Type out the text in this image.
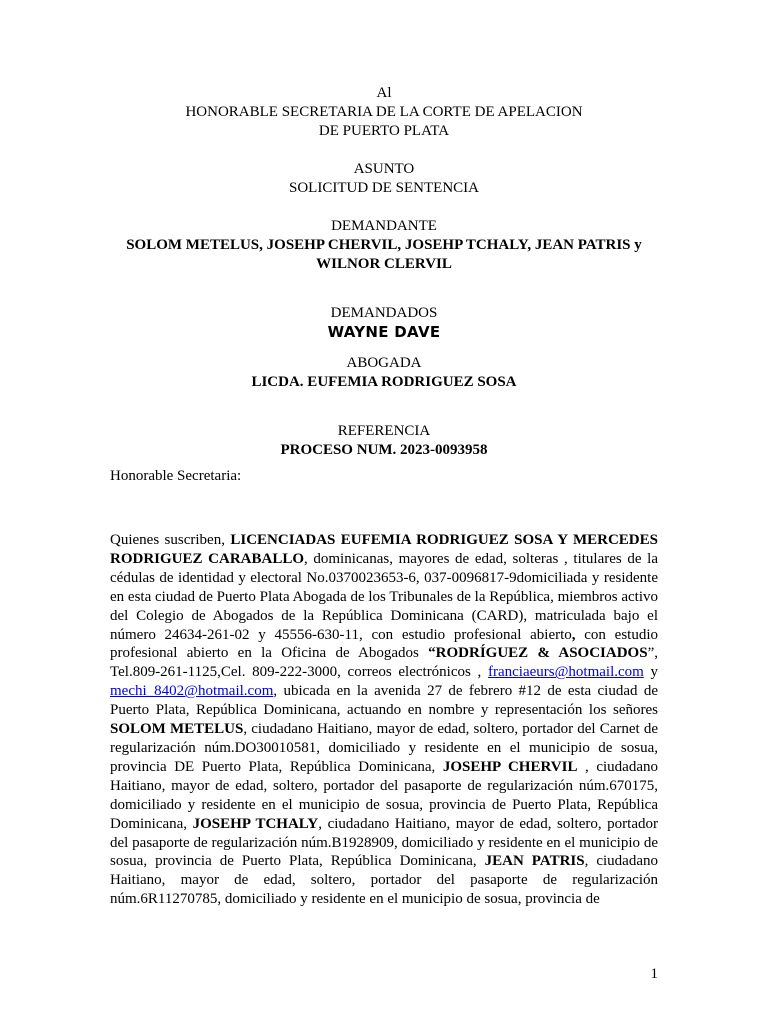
Al
HONORABLE SECRETARIA DE LA CORTE DE APELACION
DE PUERTO PLATA
ASUNTO
SOLICITUD DE SENTENCIA
DEMANDANTE
SOLOM METELUS, JOSEHP CHERVIL, JOSEHP TCHALY, JEAN PATRIS y
WILNOR CLERVIL
DEMANDADOS
WAYNE DAVE
ABOGADA
LICDA. EUFEMIA RODRIGUEZ SOSA
REFERENCIA
PROCESO NUM. 2023-0093958
Honorable Secretaria:
Quienes suscriben, LICENCIADAS EUFEMIA RODRIGUEZ SOSA Y MERCEDES RODRIGUEZ CARABALLO, dominicanas, mayores de edad, solteras , titulares de la cédulas de identidad y electoral No.0370023653-6, 037-0096817-9domiciliada y residente en esta ciudad de Puerto Plata Abogada de los Tribunales de la República, miembros activo del Colegio de Abogados de la República Dominicana (CARD), matriculada bajo el número 24634-261-02 y 45556-630-11, con estudio profesional abierto, con estudio profesional abierto en la Oficina de Abogados “RODRÍGUEZ & ASOCIADOS”, Tel.809-261-1125,Cel. 809-222-3000, correos electrónicos , franciaeurs@hotmail.com y mechi_8402@hotmail.com, ubicada en la avenida 27 de febrero #12 de esta ciudad de Puerto Plata, República Dominicana, actuando en nombre y representación los señores SOLOM METELUS, ciudadano Haitiano, mayor de edad, soltero, portador del Carnet de regularización núm.DO30010581, domiciliado y residente en el municipio de sosua, provincia DE Puerto Plata, República Dominicana, JOSEHP CHERVIL , ciudadano Haitiano, mayor de edad, soltero, portador del pasaporte de regularización núm.670175, domiciliado y residente en el municipio de sosua, provincia de Puerto Plata, República Dominicana, JOSEHP TCHALY, ciudadano Haitiano, mayor de edad, soltero, portador del pasaporte de regularización núm.B1928909, domiciliado y residente en el municipio de sosua, provincia de Puerto Plata, República Dominicana, JEAN PATRIS, ciudadano Haitiano, mayor de edad, soltero, portador del pasaporte de regularización núm.6R11270785, domiciliado y residente en el municipio de sosua, provincia de
1
